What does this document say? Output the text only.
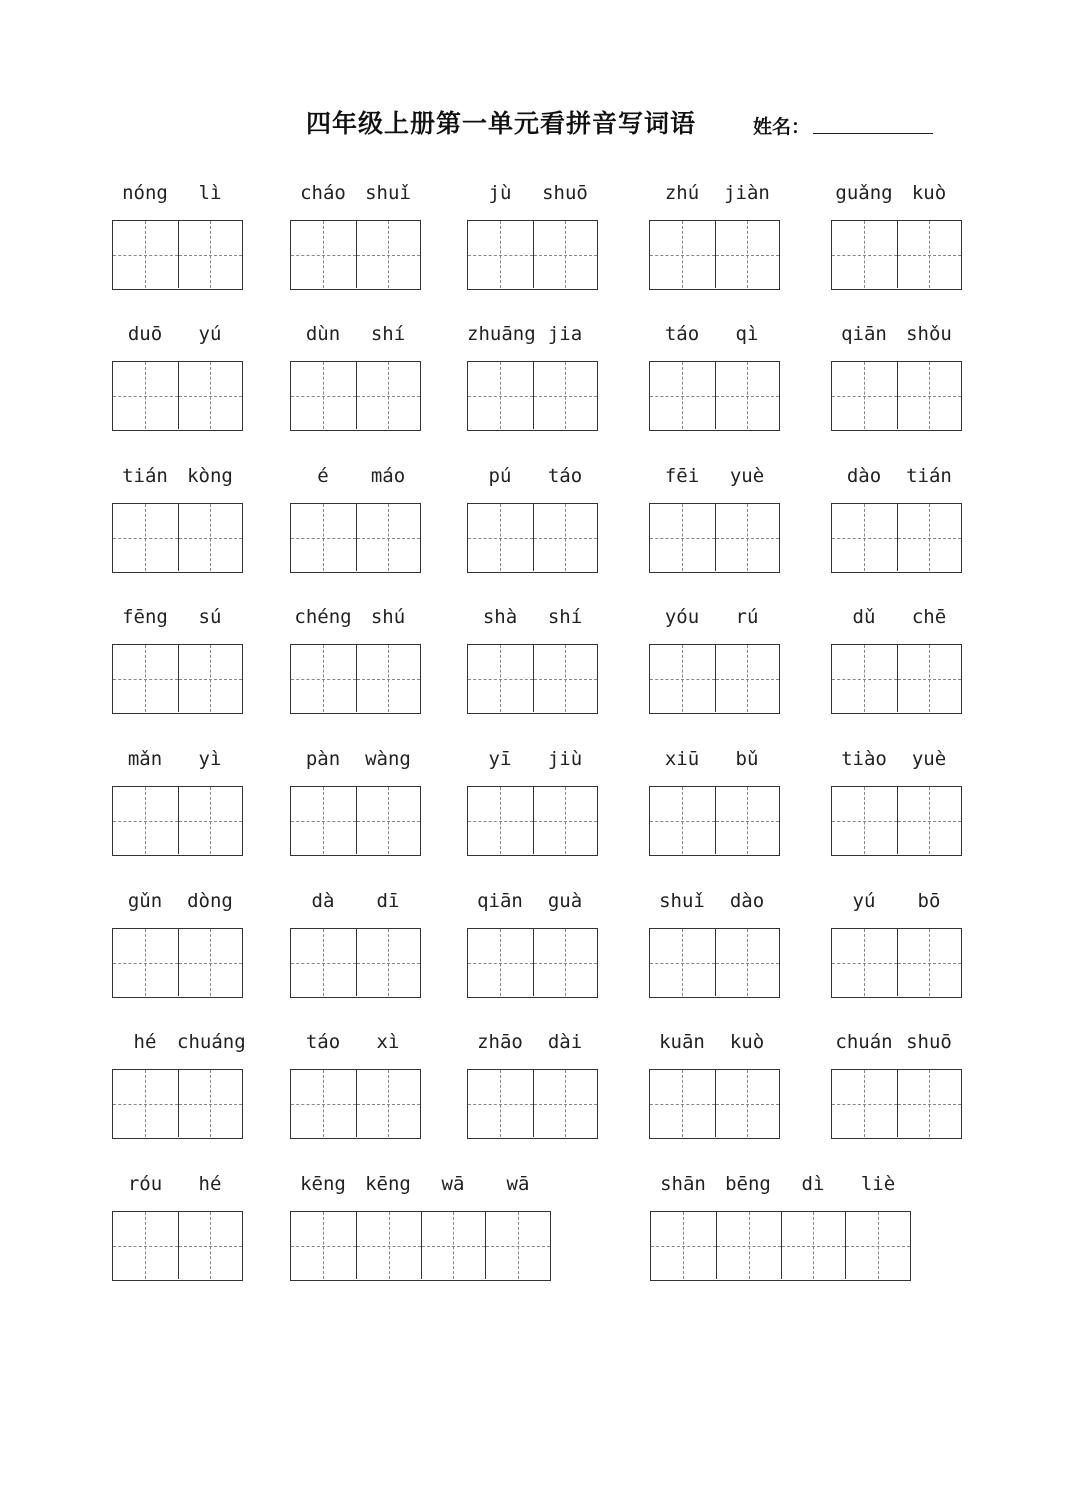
四年级上册第一单元看拼音写词语	姓名：
nóng	lì	cháo	shuǐ	jù	shuō	zhú	jiàn	guǎng	kuò
duō	yú	dùn	shí	zhuāng jia	táo	qì	qiān	shǒu
tián	kòng	é	máo	pú	táo	fēi	yuè	dào	tián
fēng	sú	chéng	shú	shà	shí	yóu	rú	dǔ	chē
mǎn	yì	pàn	wàng	yī	jiù	xiū	bǔ	tiào	yuè
gǔn	dòng	dà	dī	qiān	guà	shuǐ	dào	yú	bō
hé	chuáng	táo	xì	zhāo	dài	kuān	kuò	chuán shuō
róu	hé	kēng	kēng	wā	wā	shān	bēng	dì	liè
